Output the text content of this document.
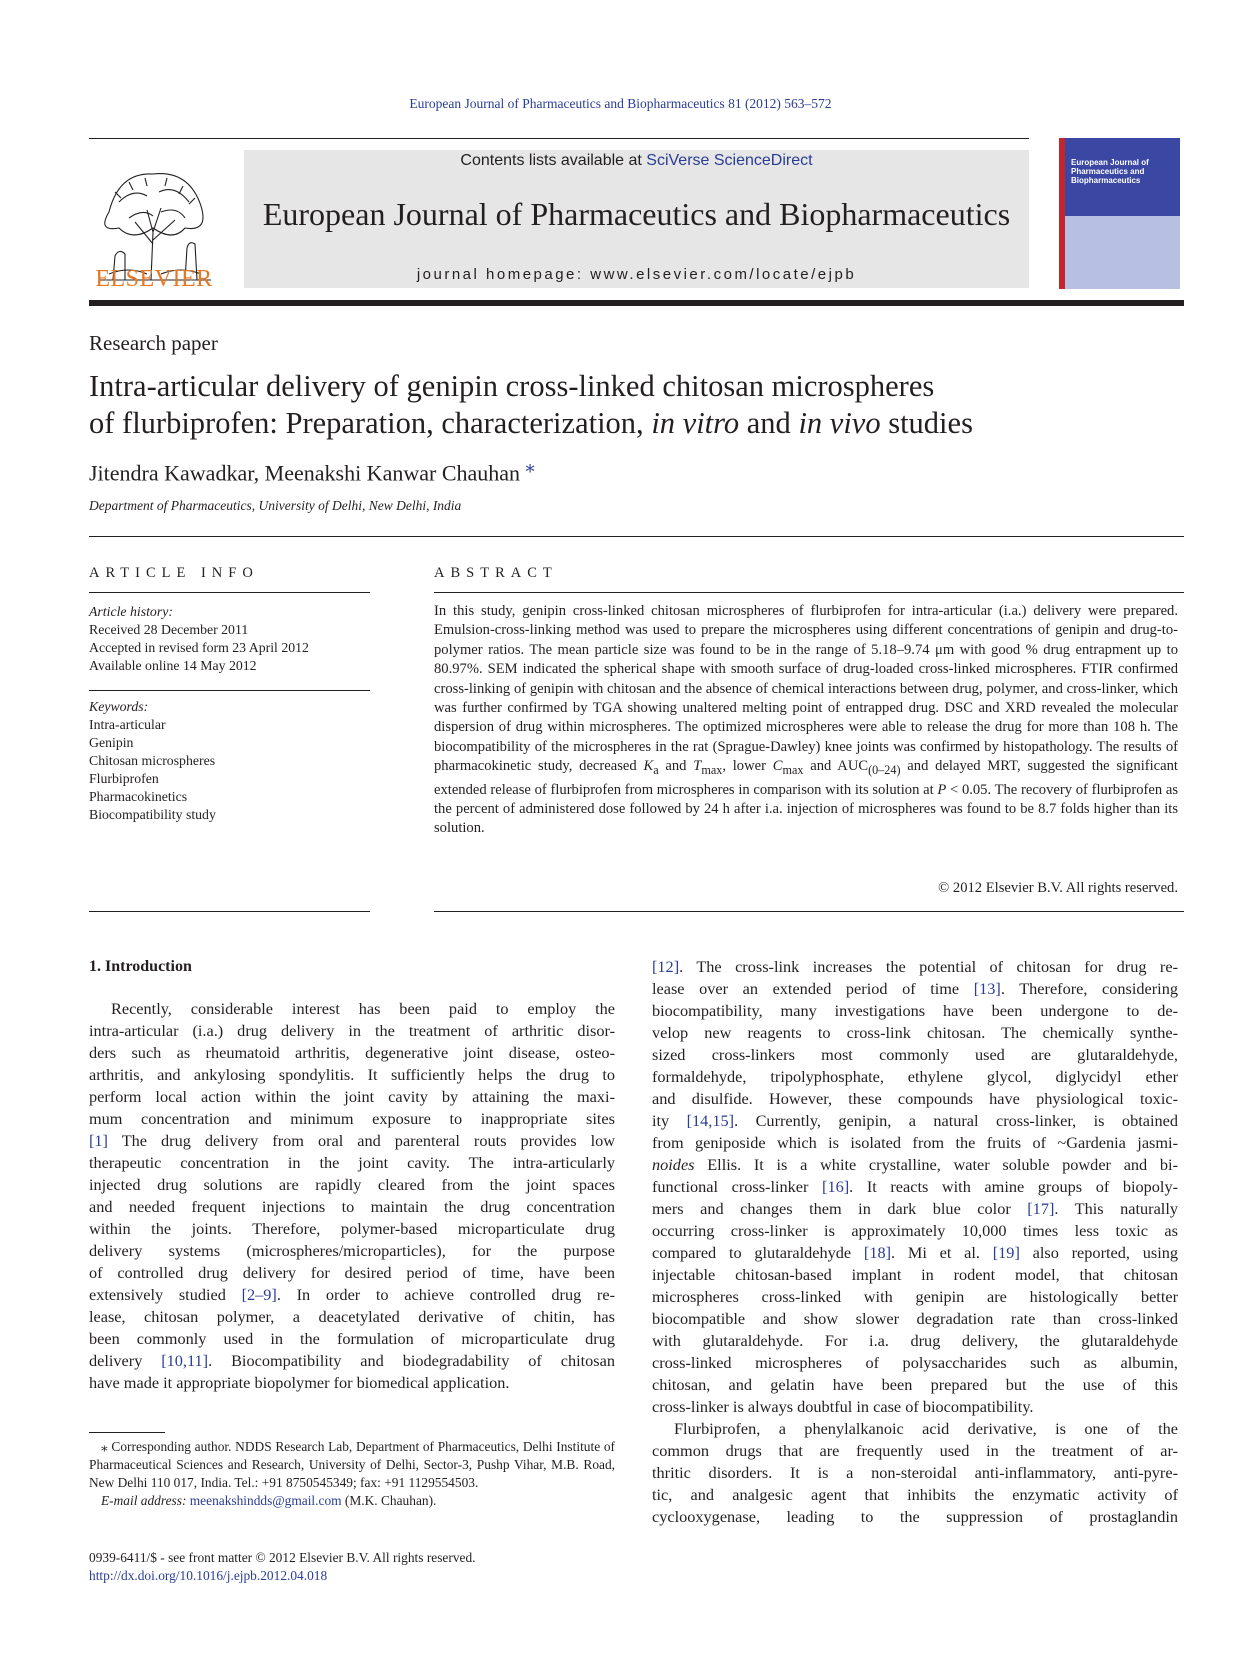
European Journal of Pharmaceutics and Biopharmaceutics 81 (2012) 563–572
ELSEVIER
Contents lists available at SciVerse ScienceDirect
European Journal of Pharmaceutics and Biopharmaceutics
journal homepage: www.elsevier.com/locate/ejpb
European Journal of Pharmaceutics and Biopharmaceutics
Research paper
Intra-articular delivery of genipin cross-linked chitosan microspheres
of flurbiprofen: Preparation, characterization, in vitro and in vivo studies
Jitendra Kawadkar, Meenakshi Kanwar Chauhan ⁎
Department of Pharmaceutics, University of Delhi, New Delhi, India
ARTICLE INFO
Article history:
Received 28 December 2011
Accepted in revised form 23 April 2012
Available online 14 May 2012
Keywords:
Intra-articular
Genipin
Chitosan microspheres
Flurbiprofen
Pharmacokinetics
Biocompatibility study
ABSTRACT
In this study, genipin cross-linked chitosan microspheres of flurbiprofen for intra-articular (i.a.) delivery were prepared. Emulsion-cross-linking method was used to prepare the microspheres using different concentrations of genipin and drug-to-polymer ratios. The mean particle size was found to be in the range of 5.18–9.74 μm with good % drug entrapment up to 80.97%. SEM indicated the spherical shape with smooth surface of drug-loaded cross-linked microspheres. FTIR confirmed cross-linking of genipin with chitosan and the absence of chemical interactions between drug, polymer, and cross-linker, which was further confirmed by TGA showing unaltered melting point of entrapped drug. DSC and XRD revealed the molecular dispersion of drug within microspheres. The optimized microspheres were able to release the drug for more than 108 h. The biocompatibility of the microspheres in the rat (Sprague-Dawley) knee joints was confirmed by histopathology. The results of pharmacokinetic study, decreased $K_a$ and $T_{max}$, lower $C_{max}$ and $AUC_{(0-24)}$ and delayed MRT, suggested the significant extended release of flurbiprofen from microspheres in comparison with its solution at P < 0.05. The recovery of flurbiprofen as the percent of administered dose followed by 24 h after i.a. injection of microspheres was found to be 8.7 folds higher than its solution.
© 2012 Elsevier B.V. All rights reserved.
1. Introduction
Recently, considerable interest has been paid to employ the
intra-articular (i.a.) drug delivery in the treatment of arthritic disor-
ders such as rheumatoid arthritis, degenerative joint disease, osteo-
arthritis, and ankylosing spondylitis. It sufficiently helps the drug to
perform local action within the joint cavity by attaining the maxi-
mum concentration and minimum exposure to inappropriate sites
[1] The drug delivery from oral and parenteral routs provides low
therapeutic concentration in the joint cavity. The intra-articularly
injected drug solutions are rapidly cleared from the joint spaces
and needed frequent injections to maintain the drug concentration
within the joints. Therefore, polymer-based microparticulate drug
delivery systems (microspheres/microparticles), for the purpose
of controlled drug delivery for desired period of time, have been
extensively studied [2–9]. In order to achieve controlled drug re-
lease, chitosan polymer, a deacetylated derivative of chitin, has
been commonly used in the formulation of microparticulate drug
delivery [10,11]. Biocompatibility and biodegradability of chitosan
have made it appropriate biopolymer for biomedical application.
[12]. The cross-link increases the potential of chitosan for drug re-
lease over an extended period of time [13]. Therefore, considering
biocompatibility, many investigations have been undergone to de-
velop new reagents to cross-link chitosan. The chemically synthe-
sized cross-linkers most commonly used are glutaraldehyde,
formaldehyde, tripolyphosphate, ethylene glycol, diglycidyl ether
and disulfide. However, these compounds have physiological toxic-
ity [14,15]. Currently, genipin, a natural cross-linker, is obtained
from geniposide which is isolated from the fruits of ~Gardenia jasmi-
noides Ellis. It is a white crystalline, water soluble powder and bi-
functional cross-linker [16]. It reacts with amine groups of biopoly-
mers and changes them in dark blue color [17]. This naturally
occurring cross-linker is approximately 10,000 times less toxic as
compared to glutaraldehyde [18]. Mi et al. [19] also reported, using
injectable chitosan-based implant in rodent model, that chitosan
microspheres cross-linked with genipin are histologically better
biocompatible and show slower degradation rate than cross-linked
with glutaraldehyde. For i.a. drug delivery, the glutaraldehyde
cross-linked microspheres of polysaccharides such as albumin,
chitosan, and gelatin have been prepared but the use of this
cross-linker is always doubtful in case of biocompatibility.
Flurbiprofen, a phenylalkanoic acid derivative, is one of the
common drugs that are frequently used in the treatment of ar-
thritic disorders. It is a non-steroidal anti-inflammatory, anti-pyre-
tic, and analgesic agent that inhibits the enzymatic activity of
cyclooxygenase, leading to the suppression of prostaglandin
⁎ Corresponding author. NDDS Research Lab, Department of Pharmaceutics, Delhi Institute of Pharmaceutical Sciences and Research, University of Delhi, Sector-3, Pushp Vihar, M.B. Road, New Delhi 110 017, India. Tel.: +91 8750545349; fax: +91 1129554503.
E-mail address: meenakshindds@gmail.com (M.K. Chauhan).
0939-6411/$ - see front matter © 2012 Elsevier B.V. All rights reserved.
http://dx.doi.org/10.1016/j.ejpb.2012.04.018
